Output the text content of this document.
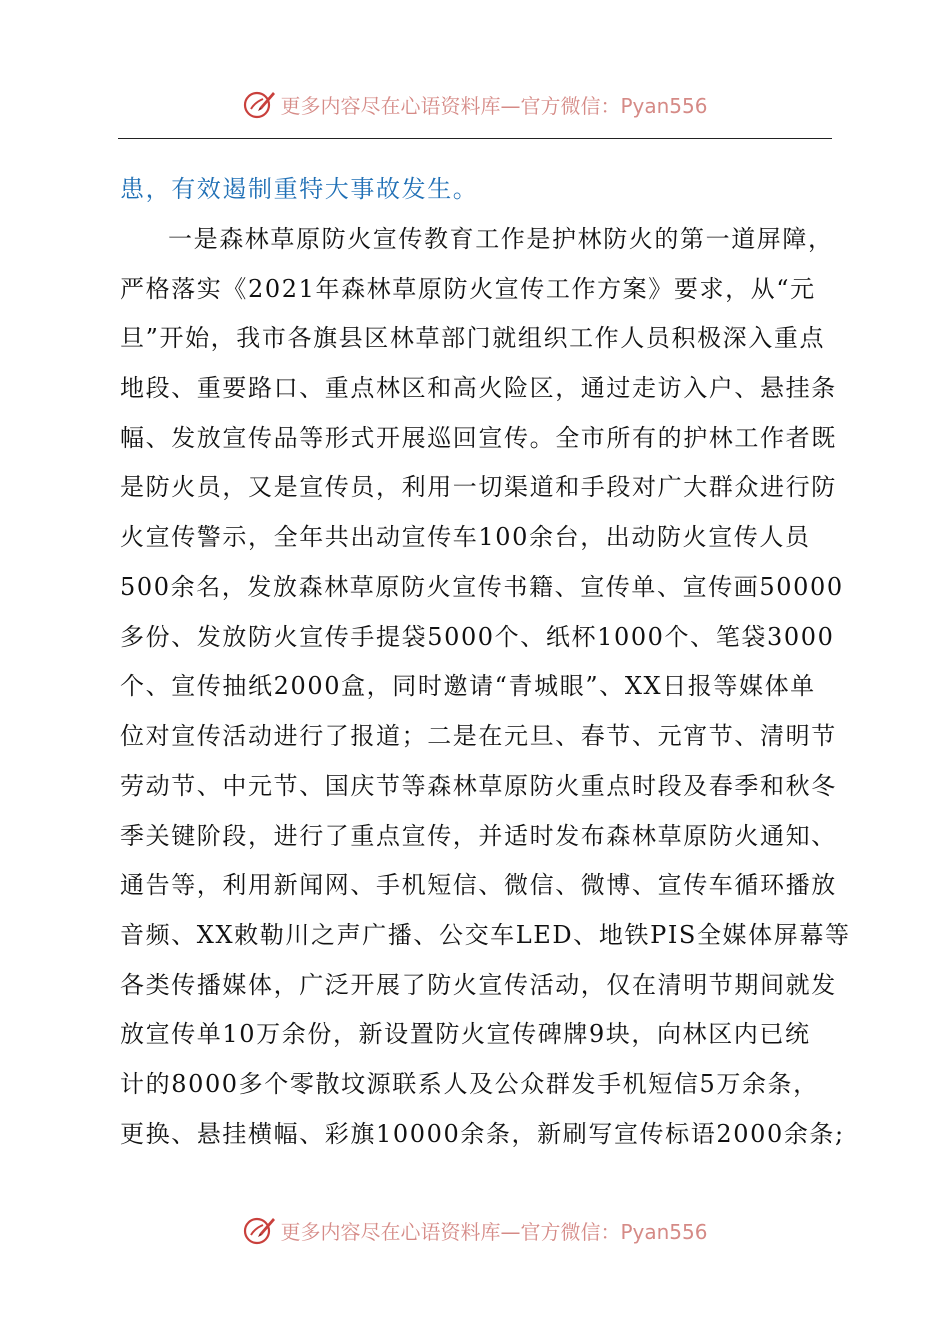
更多内容尽在心语资料库 —官方微信：Pyan556
患，有效遏制重特大事故发生。
一是森林草原防火宣传教育工作是护林防火的第一道屏障，
严格落实《2021年森林草原防火宣传工作方案》要求，从“元
旦”开始，我市各旗县区林草部门就组织工作人员积极深入重点
地段、重要路口、重点林区和高火险区，通过走访入户、悬挂条
幅、发放宣传品等形式开展巡回宣传。全市所有的护林工作者既
是防火员，又是宣传员，利用一切渠道和手段对广大群众进行防
火宣传警示，全年共出动宣传车100余台，出动防火宣传人员
500余名，发放森林草原防火宣传书籍、宣传单、宣传画50000
多份、发放防火宣传手提袋5000个、纸杯1000个、笔袋3000
个、宣传抽纸2000盒，同时邀请“青城眼”、XX日报等媒体单
位对宣传活动进行了报道；二是在元旦、春节、元宵节、清明节
劳动节、中元节、国庆节等森林草原防火重点时段及春季和秋冬
季关键阶段，进行了重点宣传，并适时发布森林草原防火通知、
通告等，利用新闻网、手机短信、微信、微博、宣传车循环播放
音频、XX敕勒川之声广播、公交车LED、地铁PIS全媒体屏幕等
各类传播媒体，广泛开展了防火宣传活动，仅在清明节期间就发
放宣传单10万余份，新设置防火宣传碑牌9块，向林区内已统
计的8000多个零散坟源联系人及公众群发手机短信5万余条，
更换、悬挂横幅、彩旗10000余条，新刷写宣传标语2000余条;
更多内容尽在心语资料库 —官方微信：Pyan556
